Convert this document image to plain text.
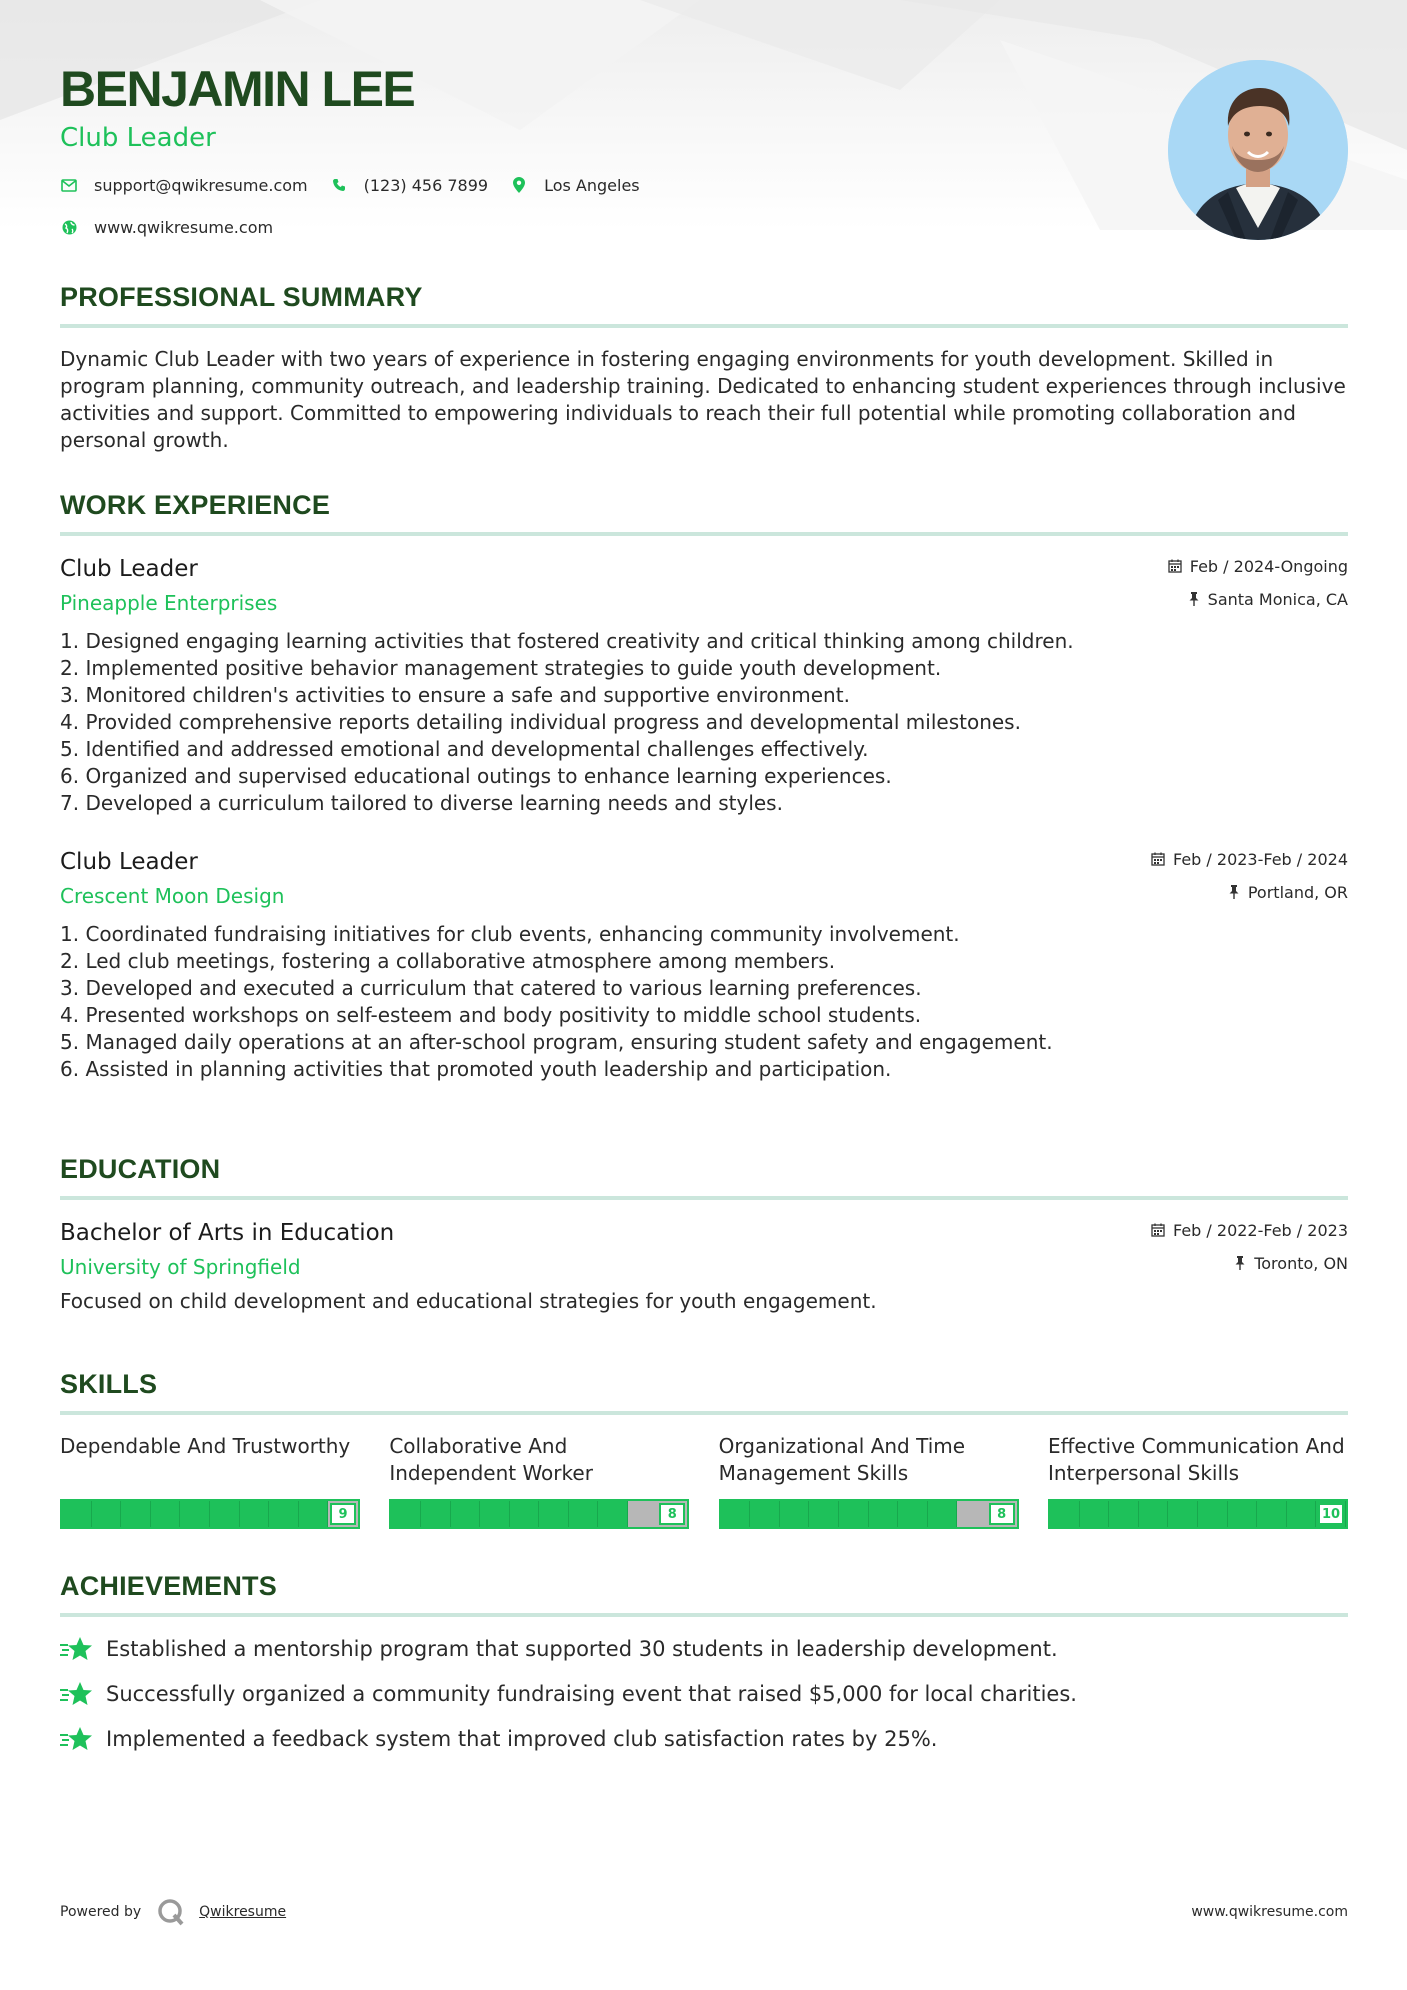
BENJAMIN LEE
Club Leader
support@qwikresume.com	(123) 456 7899	Los Angeles
www.qwikresume.com
PROFESSIONAL SUMMARY
Dynamic Club Leader with two years of experience in fostering engaging environments for youth development. Skilled in program planning, community outreach, and leadership training. Dedicated to enhancing student experiences through inclusive activities and support. Committed to empowering individuals to reach their full potential while promoting collaboration and personal growth.
WORK EXPERIENCE
Club Leader
Pineapple Enterprises
Feb / 2024-Ongoing
Santa Monica, CA
1. Designed engaging learning activities that fostered creativity and critical thinking among children.
2. Implemented positive behavior management strategies to guide youth development.
3. Monitored children's activities to ensure a safe and supportive environment.
4. Provided comprehensive reports detailing individual progress and developmental milestones.
5. Identified and addressed emotional and developmental challenges effectively.
6. Organized and supervised educational outings to enhance learning experiences.
7. Developed a curriculum tailored to diverse learning needs and styles.
Club Leader
Crescent Moon Design
Feb / 2023-Feb / 2024
Portland, OR
1. Coordinated fundraising initiatives for club events, enhancing community involvement.
2. Led club meetings, fostering a collaborative atmosphere among members.
3. Developed and executed a curriculum that catered to various learning preferences.
4. Presented workshops on self-esteem and body positivity to middle school students.
5. Managed daily operations at an after-school program, ensuring student safety and engagement.
6. Assisted in planning activities that promoted youth leadership and participation.
EDUCATION
Bachelor of Arts in Education
University of Springfield
Feb / 2022-Feb / 2023
Toronto, ON
Focused on child development and educational strategies for youth engagement.
SKILLS
Dependable And Trustworthy
9
Collaborative And Independent Worker
8
Organizational And Time Management Skills
8
Effective Communication And Interpersonal Skills
10
ACHIEVEMENTS
Established a mentorship program that supported 30 students in leadership development.
Successfully organized a community fundraising event that raised $5,000 for local charities.
Implemented a feedback system that improved club satisfaction rates by 25%.
Powered by	Qwikresume	www.qwikresume.com
